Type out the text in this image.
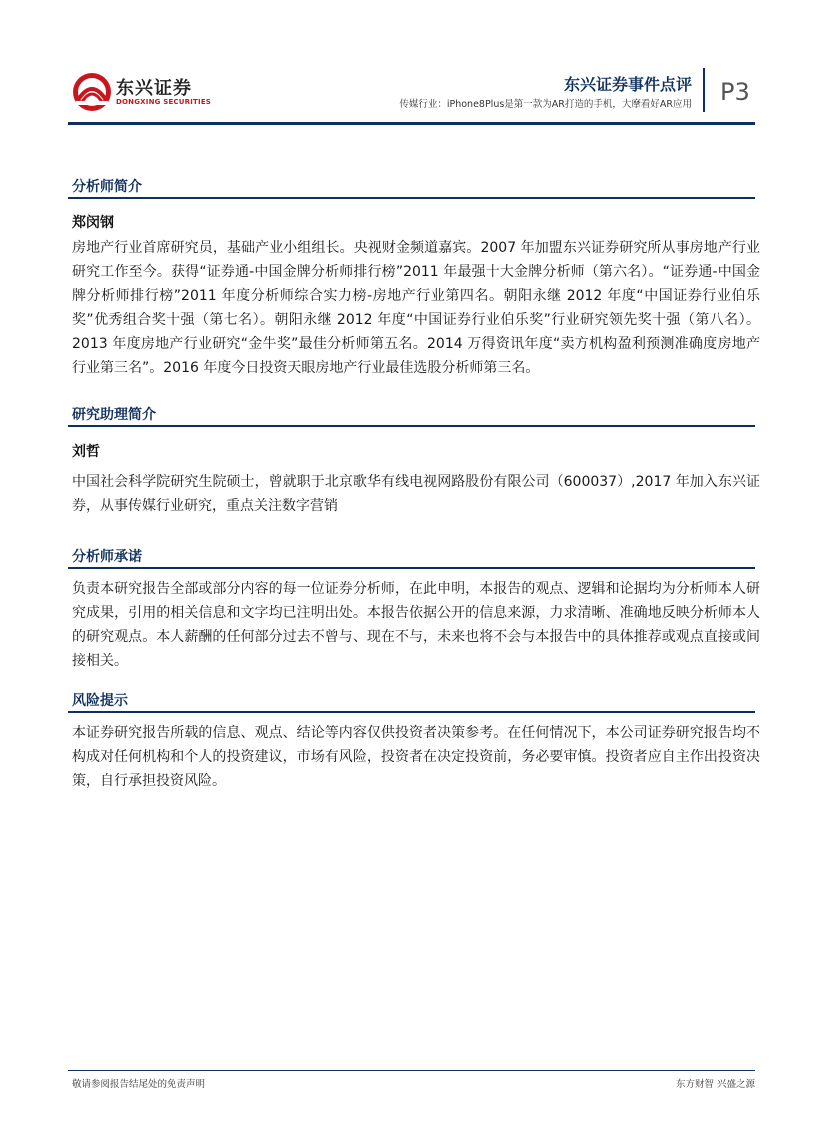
东兴证券
DONGXING SECURITIES
东兴证券事件点评
传媒行业：iPhone8Plus是第一款为AR打造的手机，大摩看好AR应用 P3
分析师简介
郑闵钢
房地产行业首席研究员，基础产业小组组长。央视财金频道嘉宾。2007 年加盟东兴证券研究所从事房地产行业研究工作至今。获得“证券通-中国金牌分析师排行榜”2011 年最强十大金牌分析师（第六名）。“证券通-中国金牌分析师排行榜”2011 年度分析师综合实力榜-房地产行业第四名。朝阳永继 2012 年度“中国证券行业伯乐奖”优秀组合奖十强（第七名）。朝阳永继 2012 年度“中国证券行业伯乐奖”行业研究领先奖十强（第八名）。2013 年度房地产行业研究“金牛奖”最佳分析师第五名。2014 万得资讯年度“卖方机构盈利预测准确度房地产行业第三名”。2016 年度今日投资天眼房地产行业最佳选股分析师第三名。
研究助理简介
刘哲
中国社会科学院研究生院硕士，曾就职于北京歌华有线电视网路股份有限公司（600037）,2017 年加入东兴证券，从事传媒行业研究，重点关注数字营销
分析师承诺
负责本研究报告全部或部分内容的每一位证券分析师，在此申明，本报告的观点、逻辑和论据均为分析师本人研究成果，引用的相关信息和文字均已注明出处。本报告依据公开的信息来源，力求清晰、准确地反映分析师本人的研究观点。本人薪酬的任何部分过去不曾与、现在不与，未来也将不会与本报告中的具体推荐或观点直接或间接相关。
风险提示
本证券研究报告所载的信息、观点、结论等内容仅供投资者决策参考。在任何情况下，本公司证券研究报告均不构成对任何机构和个人的投资建议，市场有风险，投资者在决定投资前，务必要审慎。投资者应自主作出投资决策，自行承担投资风险。
敬请参阅报告结尾处的免责声明	东方财智 兴盛之源
